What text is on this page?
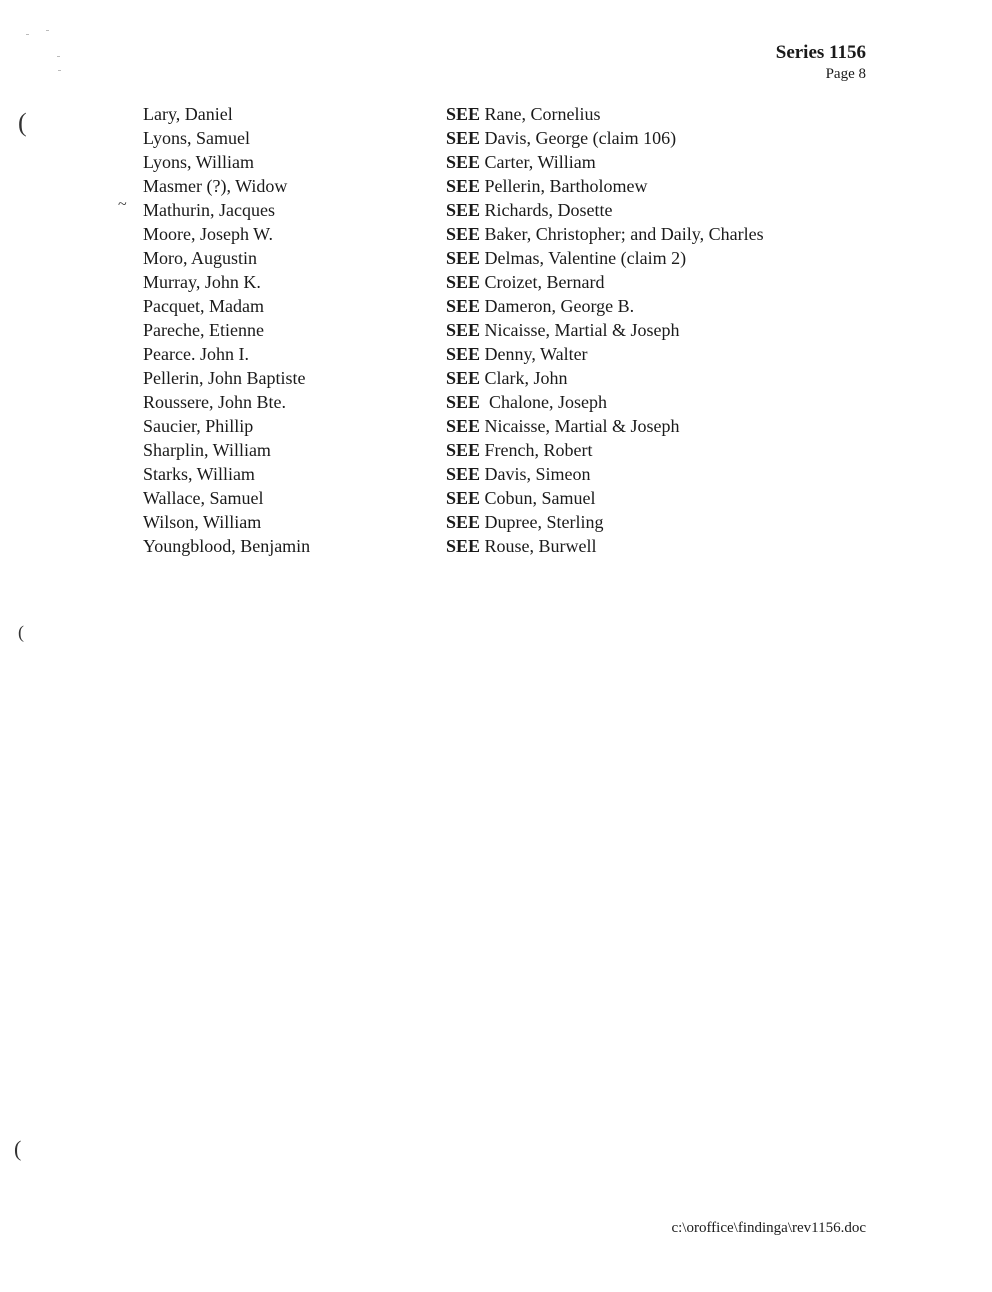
(
~
(
(
Series 1156
Page 8
Lary, Daniel	SEE Rane, Cornelius
Lyons, Samuel	SEE Davis, George (claim 106)
Lyons, William	SEE Carter, William
Masmer (?), Widow	SEE Pellerin, Bartholomew
Mathurin, Jacques	SEE Richards, Dosette
Moore, Joseph W.	SEE Baker, Christopher; and Daily, Charles
Moro, Augustin	SEE Delmas, Valentine (claim 2)
Murray, John K.	SEE Croizet, Bernard
Pacquet, Madam	SEE Dameron, George B.
Pareche, Etienne	SEE Nicaisse, Martial & Joseph
Pearce. John I.	SEE Denny, Walter
Pellerin, John Baptiste	SEE Clark, John
Roussere, John Bte.	SEE  Chalone, Joseph
Saucier, Phillip	SEE Nicaisse, Martial & Joseph
Sharplin, William	SEE French, Robert
Starks, William	SEE Davis, Simeon
Wallace, Samuel	SEE Cobun, Samuel
Wilson, William	SEE Dupree, Sterling
Youngblood, Benjamin	SEE Rouse, Burwell
c:\oroffice\findinga\rev1156.doc
